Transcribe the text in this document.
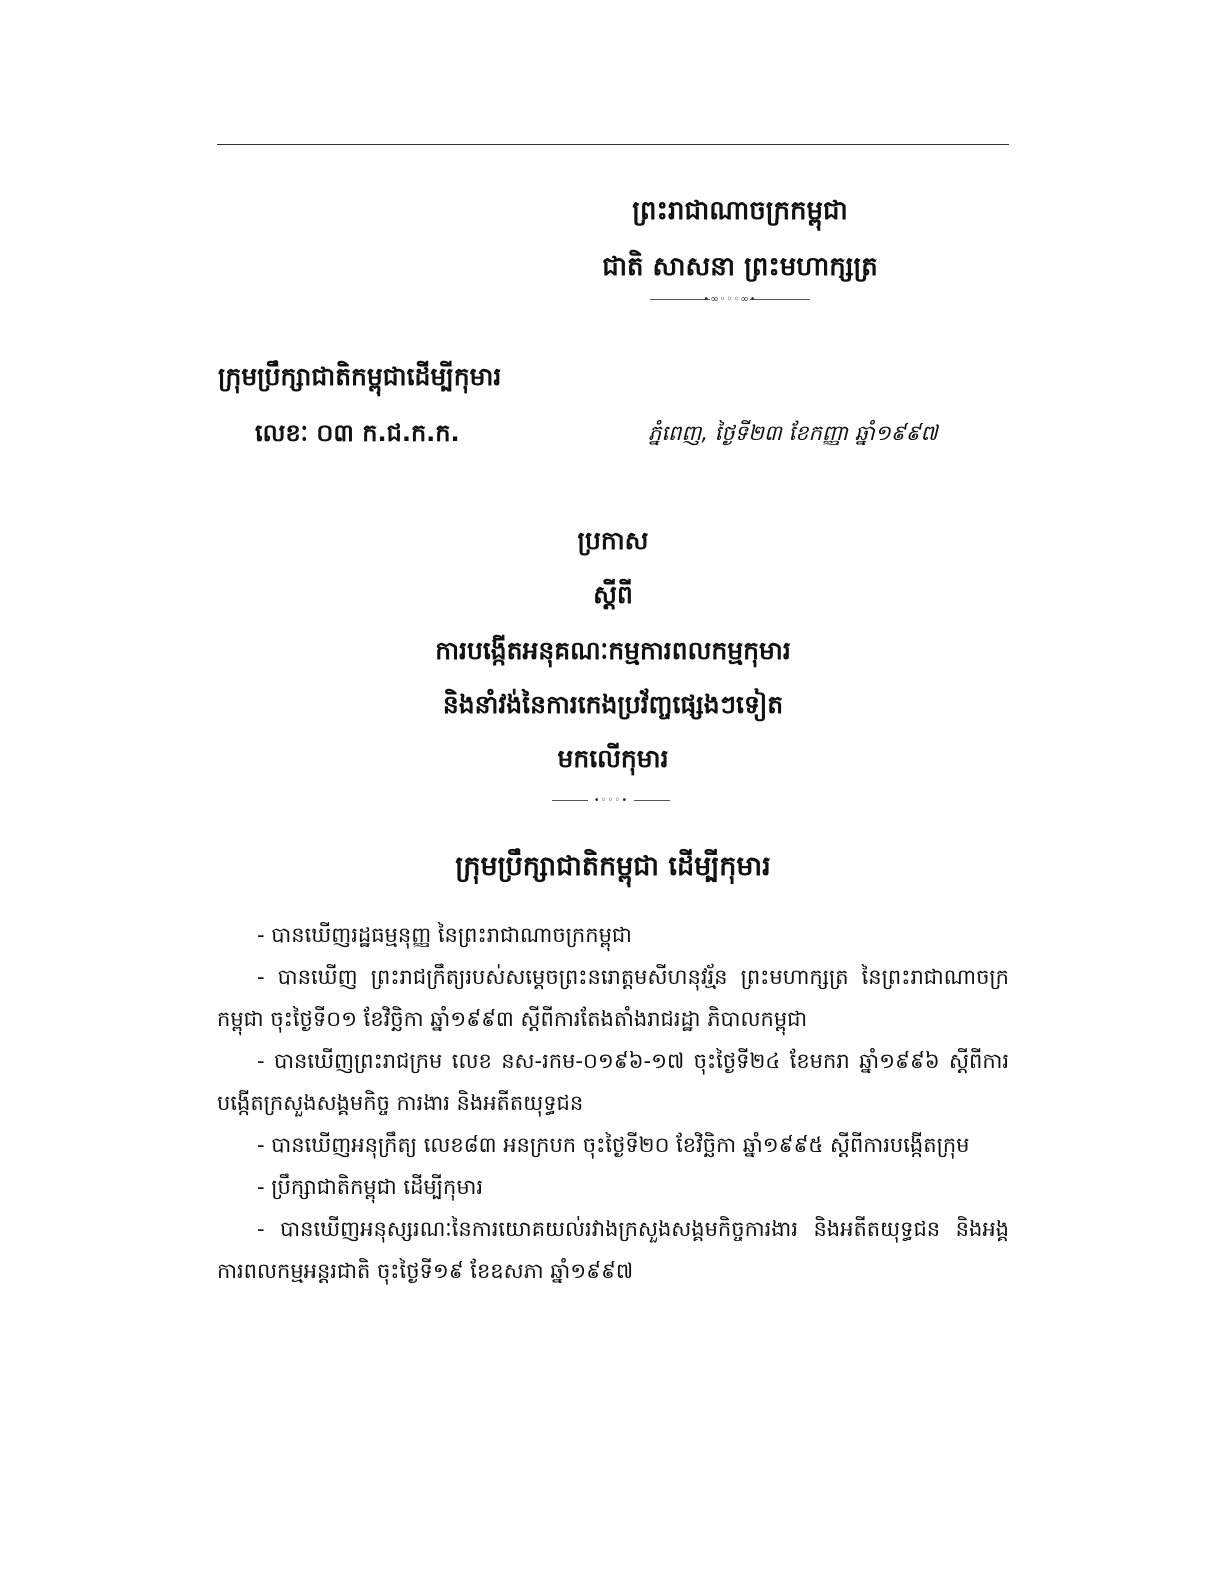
ព្រះរាជាណាចក្រកម្ពុជា
ជាតិ សាសនា ព្រះមហាក្សត្រ
•∞◦◦◦∞•
ក្រុមប្រឹក្សាជាតិកម្ពុជាដើម្បីកុមារ
លេខៈ ០៣ ក.ជ.ក.ក.	ភ្នំពេញ, ថ្ងៃទី២៣ ខែកញ្ញា ឆ្នាំ១៩៩៧
ប្រកាស
ស្តីពី
ការបង្កើតអនុគណៈកម្មការពលកម្មកុមារ
និងនាំវង់នៃការកេងប្រវ័ញ្ចផ្សេងៗទៀត
មកលើកុមារ
•◦◦◦•
ក្រុមប្រឹក្សាជាតិកម្ពុជា ដើម្បីកុមារ
- បានឃើញរដ្ឋធម្មនុញ្ញ នៃព្រះរាជាណាចក្រកម្ពុជា
- បានឃើញ ព្រះរាជក្រឹត្យរបស់សម្តេចព្រះនរោត្តមសីហនុវរ្ម័ន ព្រះមហាក្សត្រ នៃព្រះរាជាណាចក្រកម្ពុជា ចុះថ្ងៃទី០១ ខែវិច្ឆិកា ឆ្នាំ១៩៩៣ ស្តីពីការតែងតាំងរាជរដ្ឋា ភិបាលកម្ពុជា
- បានឃើញព្រះរាជក្រម លេខ នស-រកម-០១៩៦-១៧ ចុះថ្ងៃទី២៤ ខែមករា ឆ្នាំ១៩៩៦ ស្តីពីការបង្កើតក្រសួងសង្គមកិច្ច ការងារ និងអតីតយុទ្ធជន
- បានឃើញអនុក្រឹត្យ លេខ៨៣ អនក្របក ចុះថ្ងៃទី២០ ខែវិច្ឆិកា ឆ្នាំ១៩៩៥ ស្តីពីការបង្កើតក្រុម
- ប្រឹក្សាជាតិកម្ពុជា ដើម្បីកុមារ
- បានឃើញអនុស្សរណៈនៃការយោគយល់រវាងក្រសួងសង្គមកិច្ចការងារ និងអតីតយុទ្ធជន និងអង្គការពលកម្មអន្តរជាតិ ចុះថ្ងៃទី១៩ ខែឧសភា ឆ្នាំ១៩៩៧
